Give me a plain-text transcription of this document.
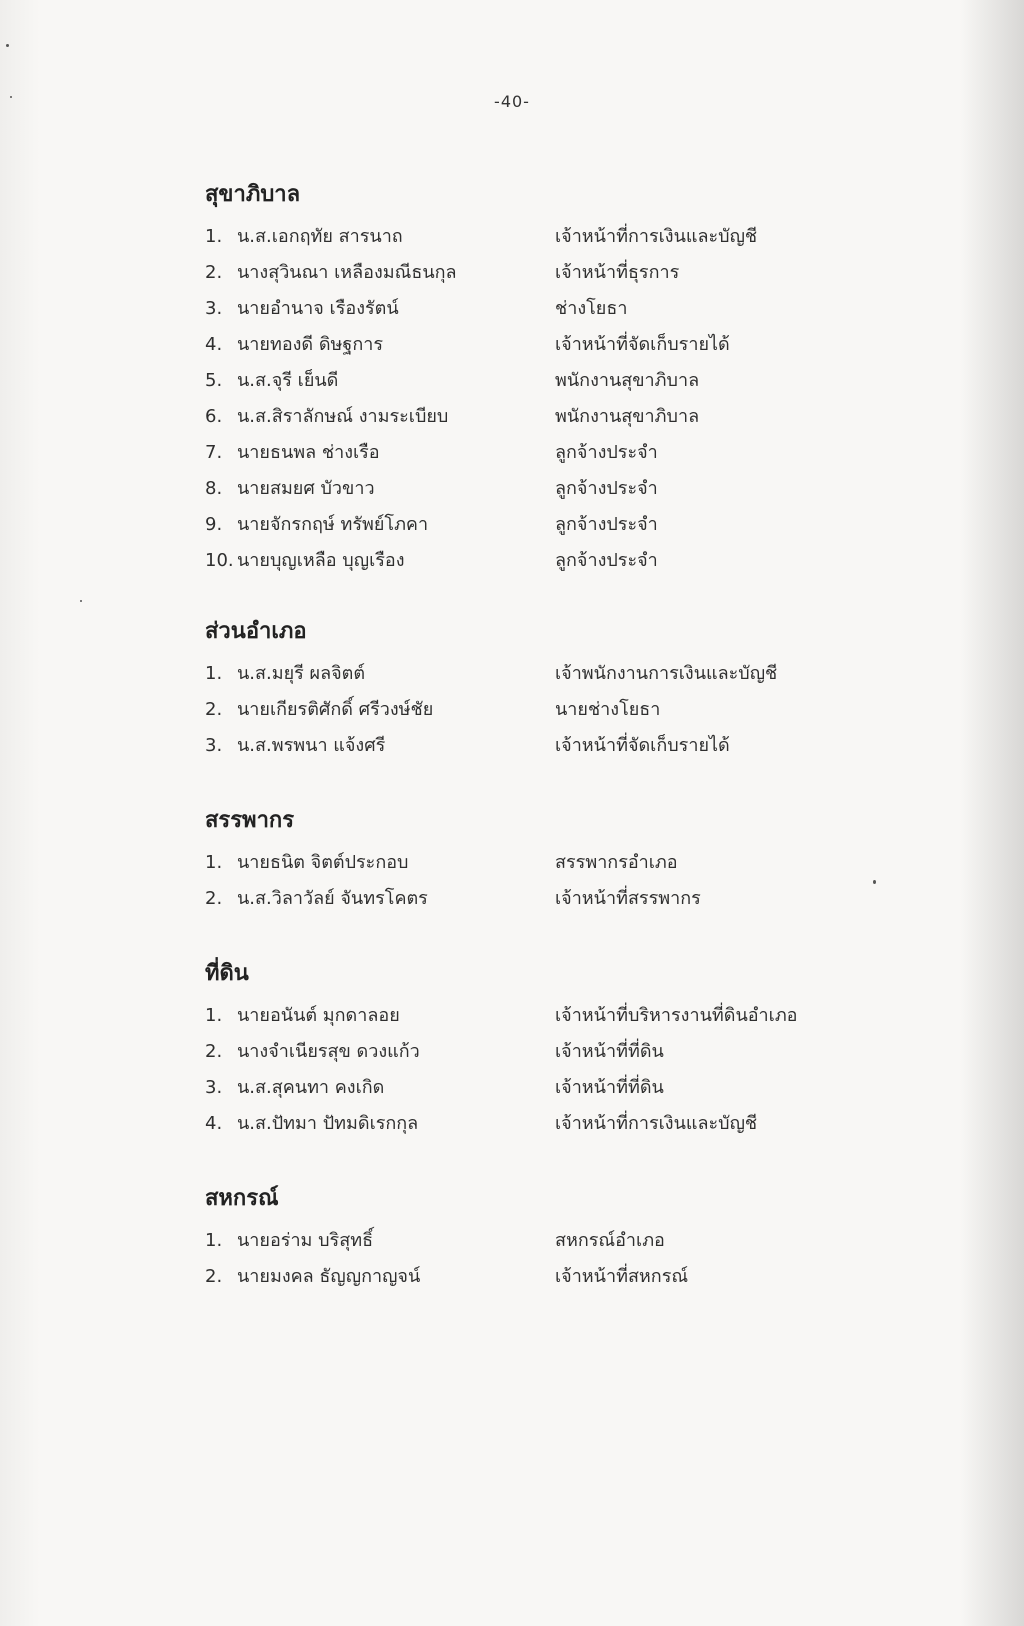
-40-
สุขาภิบาล
1. น.ส.เอกฤทัย สารนาถ	เจ้าหน้าที่การเงินและบัญชี
2. นางสุวินณา เหลืองมณีธนกุล	เจ้าหน้าที่ธุรการ
3. นายอำนาจ เรืองรัตน์	ช่างโยธา
4. นายทองดี ดิษฐการ	เจ้าหน้าที่จัดเก็บรายได้
5. น.ส.จุรี เย็นดี	พนักงานสุขาภิบาล
6. น.ส.สิราลักษณ์ งามระเบียบ	พนักงานสุขาภิบาล
7. นายธนพล ช่างเรือ	ลูกจ้างประจำ
8. นายสมยศ บัวขาว	ลูกจ้างประจำ
9. นายจักรกฤษ์ ทรัพย์โภคา	ลูกจ้างประจำ
10. นายบุญเหลือ บุญเรือง	ลูกจ้างประจำ
ส่วนอำเภอ
1. น.ส.มยุรี ผลจิตต์	เจ้าพนักงานการเงินและบัญชี
2. นายเกียรติศักดิ์ ศรีวงษ์ชัย	นายช่างโยธา
3. น.ส.พรพนา แจ้งศรี	เจ้าหน้าที่จัดเก็บรายได้
สรรพากร
1. นายธนิต จิตต์ประกอบ	สรรพากรอำเภอ
2. น.ส.วิลาวัลย์ จันทรโคตร	เจ้าหน้าที่สรรพากร
ที่ดิน
1. นายอนันต์ มุกดาลอย	เจ้าหน้าที่บริหารงานที่ดินอำเภอ
2. นางจำเนียรสุข ดวงแก้ว	เจ้าหน้าที่ที่ดิน
3. น.ส.สุคนทา คงเกิด	เจ้าหน้าที่ที่ดิน
4. น.ส.ปัทมา ปัทมดิเรกกุล	เจ้าหน้าที่การเงินและบัญชี
สหกรณ์
1. นายอร่าม บริสุทธิ์	สหกรณ์อำเภอ
2. นายมงคล ธัญญกาญจน์	เจ้าหน้าที่สหกรณ์
